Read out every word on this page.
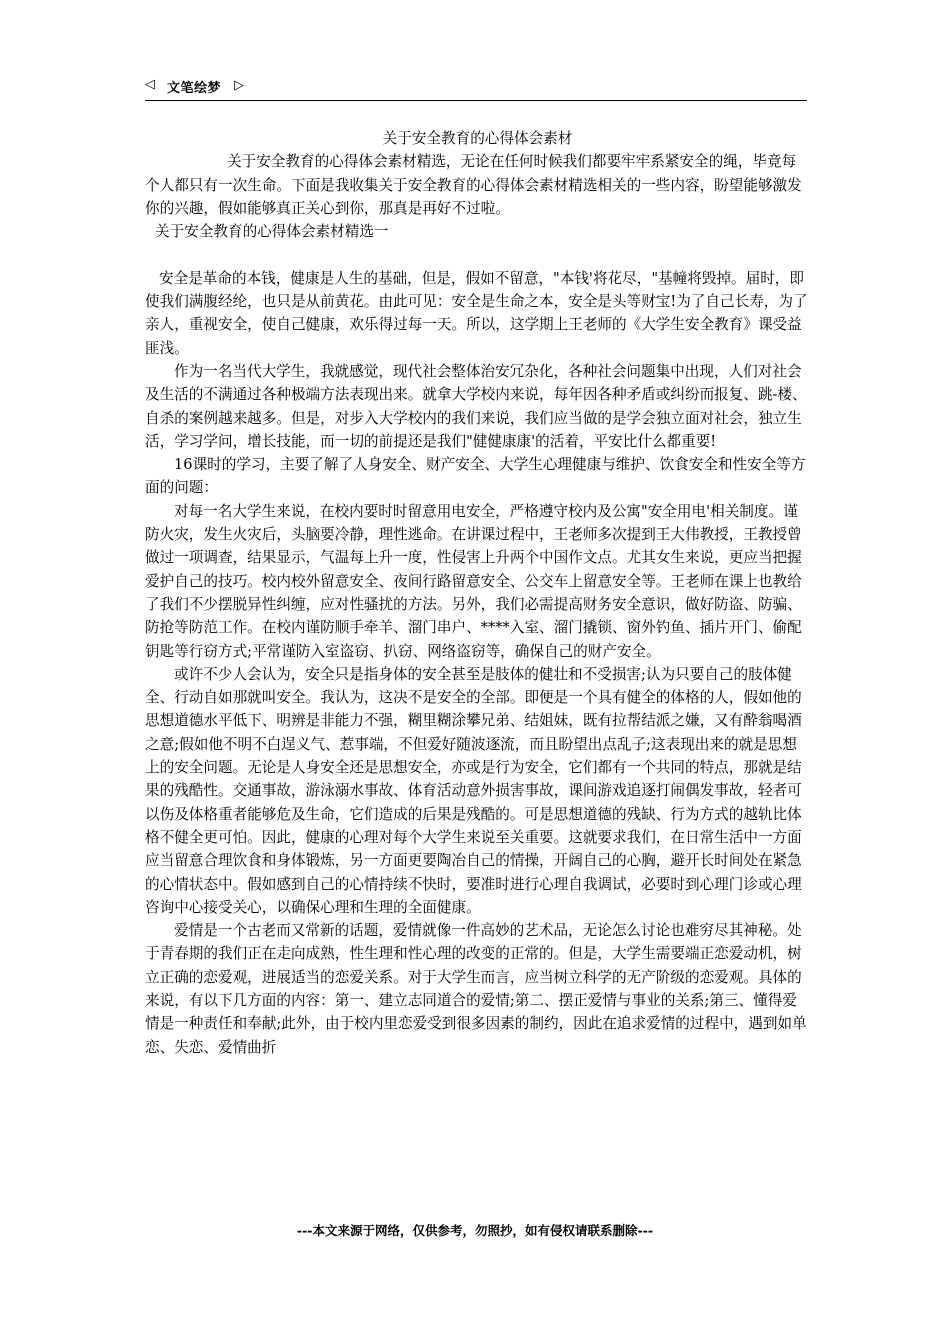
◁ 文笔绘梦 ▷

关于安全教育的心得体会素材

关于安全教育的心得体会素材精选，无论在任何时候我们都要牢牢系紧安全的绳，毕竟每个人都只有一次生命。下面是我收集关于安全教育的心得体会素材精选相关的一些内容，盼望能够激发你的兴趣，假如能够真正关心到你，那真是再好不过啦。

关于安全教育的心得体会素材精选一

安全是革命的本钱，健康是人生的基础，但是，假如不留意，"本钱'将花尽，"基幢将毁掉。届时，即使我们满腹经纶，也只是从前黄花。由此可见：安全是生命之本，安全是头等财宝!为了自己长寿，为了亲人，重视安全，使自己健康，欢乐得过每一天。所以，这学期上王老师的《大学生安全教育》课受益匪浅。

作为一名当代大学生，我就感觉，现代社会整体治安冗杂化，各种社会问题集中出现，人们对社会及生活的不满通过各种极端方法表现出来。就拿大学校内来说，每年因各种矛盾或纠纷而报复、跳-楼、自杀的案例越来越多。但是，对步入大学校内的我们来说，我们应当做的是学会独立面对社会，独立生活，学习学问，增长技能，而一切的前提还是我们"健健康康'的活着，平安比什么都重要!

16课时的学习，主要了解了人身安全、财产安全、大学生心理健康与维护、饮食安全和性安全等方面的问题：

对每一名大学生来说，在校内要时时留意用电安全，严格遵守校内及公寓"安全用电'相关制度。谨防火灾，发生火灾后，头脑要冷静，理性逃命。在讲课过程中，王老师多次提到王大伟教授，王教授曾做过一项调查，结果显示，气温每上升一度，性侵害上升两个中国作文点。尤其女生来说，更应当把握爱护自己的技巧。校内校外留意安全、夜间行路留意安全、公交车上留意安全等。王老师在课上也教给了我们不少摆脱异性纠缠，应对性骚扰的方法。另外，我们必需提高财务安全意识，做好防盗、防骗、防抢等防范工作。在校内谨防顺手牵羊、溜门串户、****入室、溜门撬锁、窗外钓鱼、插片开门、偷配钥匙等行窃方式;平常谨防入室盗窃、扒窃、网络盗窃等，确保自己的财产安全。

或许不少人会认为，安全只是指身体的安全甚至是肢体的健壮和不受损害;认为只要自己的肢体健全、行动自如那就叫安全。我认为，这决不是安全的全部。即便是一个具有健全的体格的人，假如他的思想道德水平低下、明辨是非能力不强，糊里糊涂攀兄弟、结姐妹，既有拉帮结派之嫌，又有酔翁喝酒之意;假如他不明不白逞义气、惹事端，不但爱好随波逐流，而且盼望出点乱子;这表现出来的就是思想上的安全问题。无论是人身安全还是思想安全，亦或是行为安全，它们都有一个共同的特点，那就是结果的残酷性。交通事故，游泳溺水事故、体育活动意外损害事故，课间游戏追逐打闹偶发事故，轻者可以伤及体格重者能够危及生命，它们造成的后果是残酷的。可是思想道德的残缺、行为方式的越轨比体格不健全更可怕。因此，健康的心理对每个大学生来说至关重要。这就要求我们，在日常生活中一方面应当留意合理饮食和身体锻炼，另一方面更要陶冶自己的情操，开阔自己的心胸，避开长时间处在紧急的心情状态中。假如感到自己的心情持续不快时，要准时进行心理自我调试，必要时到心理门诊或心理咨询中心接受关心，以确保心理和生理的全面健康。

爱情是一个古老而又常新的话题，爱情就像一件高妙的艺术品，无论怎么讨论也难穷尽其神秘。处于青春期的我们正在走向成熟，性生理和性心理的改变的正常的。但是，大学生需要端正恋爱动机，树立正确的恋爱观，进展适当的恋爱关系。对于大学生而言，应当树立科学的无产阶级的恋爱观。具体的来说，有以下几方面的内容：第一、建立志同道合的爱情;第二、摆正爱情与事业的关系;第三、懂得爱情是一种责任和奉献;此外，由于校内里恋爱受到很多因素的制约，因此在追求爱情的过程中，遇到如单恋、失恋、爱情曲折

---本文来源于网络，仅供参考，勿照抄，如有侵权请联系删除---
